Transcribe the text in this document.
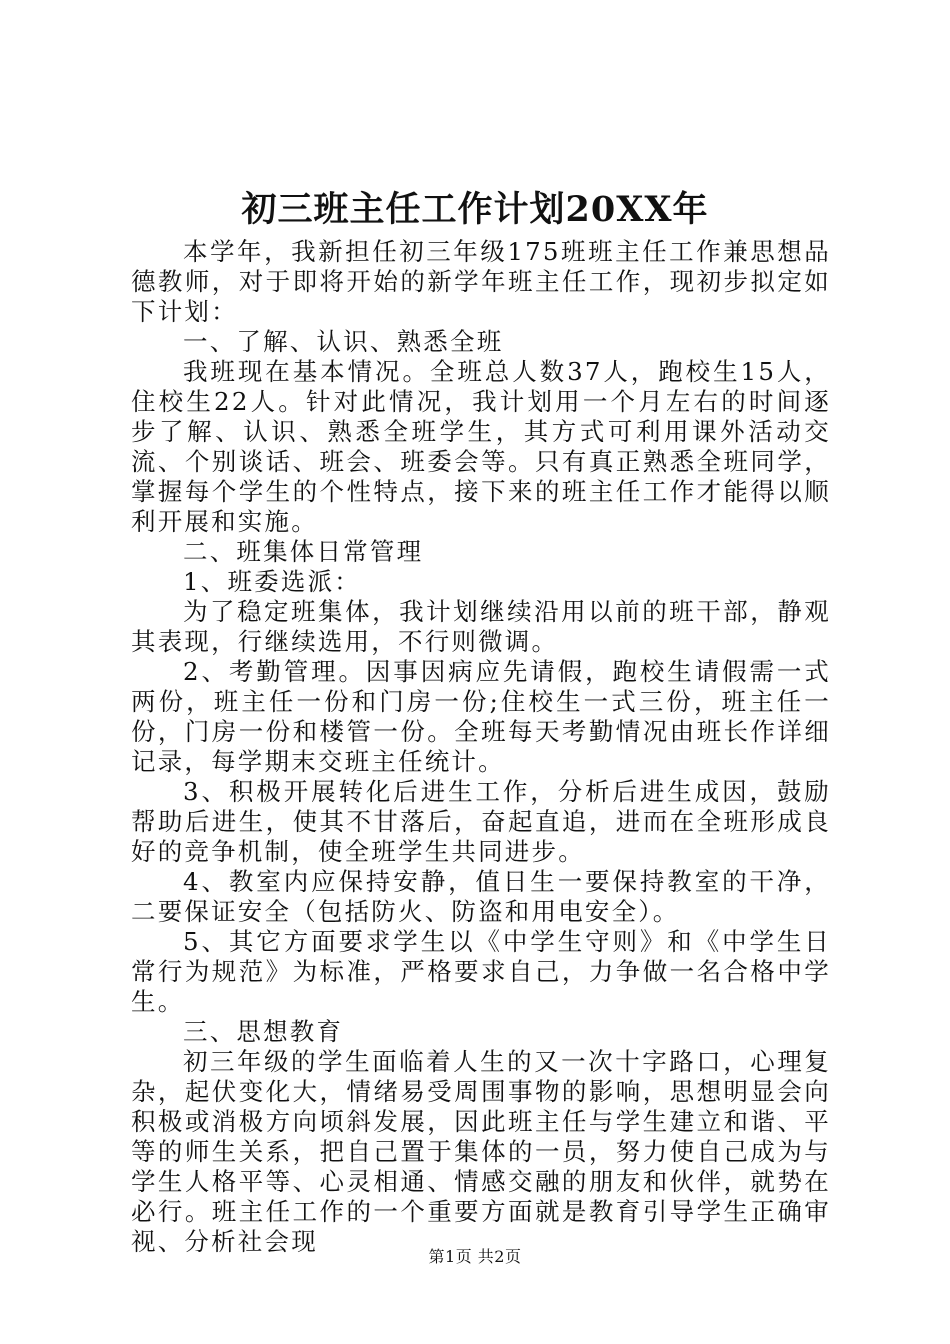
初三班主任工作计划20XX年

本学年，我新担任初三年级175班班主任工作兼思想品德教师，对于即将开始的新学年班主任工作，现初步拟定如下计划：

一、了解、认识、熟悉全班

我班现在基本情况。全班总人数37人，跑校生15人，住校生22人。针对此情况，我计划用一个月左右的时间逐步了解、认识、熟悉全班学生，其方式可利用课外活动交流、个别谈话、班会、班委会等。只有真正熟悉全班同学，掌握每个学生的个性特点，接下来的班主任工作才能得以顺利开展和实施。

二、班集体日常管理

1、班委选派：

为了稳定班集体，我计划继续沿用以前的班干部，静观其表现，行继续选用，不行则微调。

2、考勤管理。因事因病应先请假，跑校生请假需一式两份，班主任一份和门房一份;住校生一式三份，班主任一份，门房一份和楼管一份。全班每天考勤情况由班长作详细记录，每学期末交班主任统计。

3、积极开展转化后进生工作，分析后进生成因，鼓励帮助后进生，使其不甘落后，奋起直追，进而在全班形成良好的竞争机制，使全班学生共同进步。

4、教室内应保持安静，值日生一要保持教室的干净，二要保证安全（包括防火、防盗和用电安全）。

5、其它方面要求学生以《中学生守则》和《中学生日常行为规范》为标准，严格要求自己，力争做一名合格中学生。

三、思想教育

初三年级的学生面临着人生的又一次十字路口，心理复杂，起伏变化大，情绪易受周围事物的影响，思想明显会向积极或消极方向顷斜发展，因此班主任与学生建立和谐、平等的师生关系，把自己置于集体的一员，努力使自己成为与学生人格平等、心灵相通、情感交融的朋友和伙伴，就势在必行。班主任工作的一个重要方面就是教育引导学生正确审视、分析社会现

第1页 共2页
